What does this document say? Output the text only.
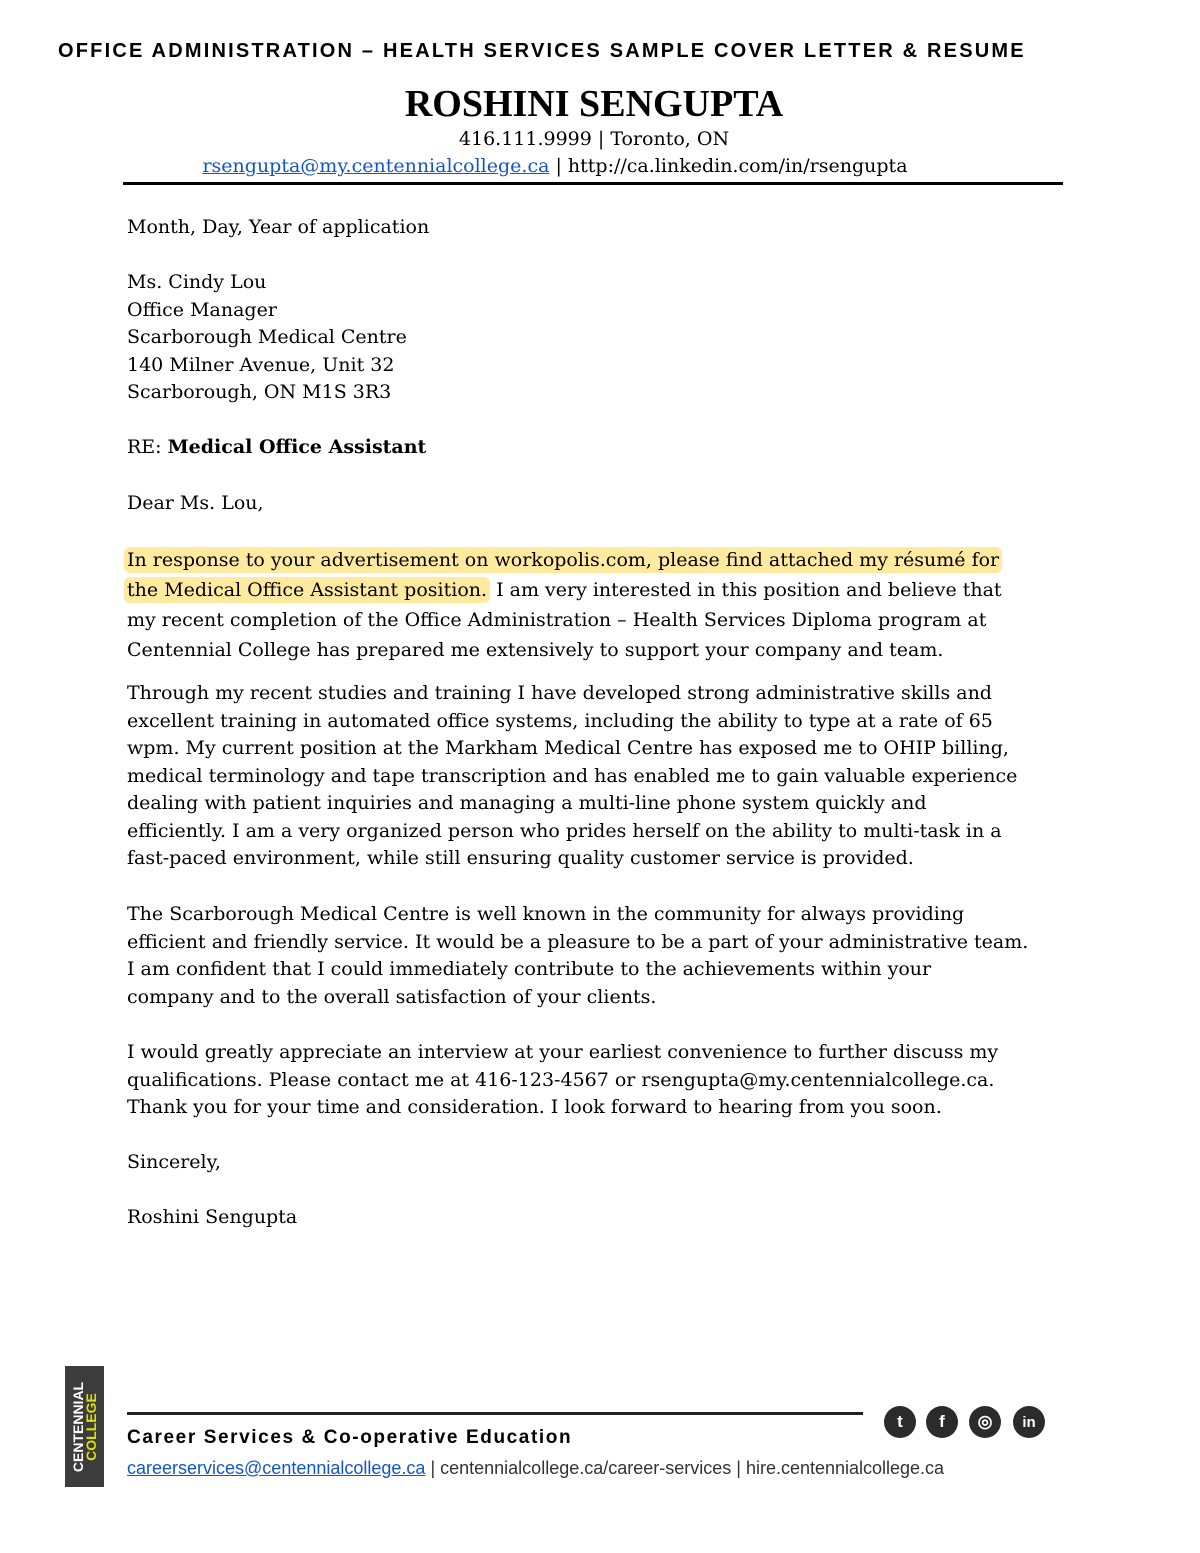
OFFICE ADMINISTRATION – HEALTH SERVICES SAMPLE COVER LETTER & RESUME
ROSHINI SENGUPTA
416.111.9999 | Toronto, ON
rsengupta@my.centennialcollege.ca | http://ca.linkedin.com/in/rsengupta
Month, Day, Year of application
Ms. Cindy Lou
Office Manager
Scarborough Medical Centre
140 Milner Avenue, Unit 32
Scarborough, ON M1S 3R3
RE: Medical Office Assistant
Dear Ms. Lou,
In response to your advertisement on workopolis.com, please find attached my résumé for
the Medical Office Assistant position. I am very interested in this position and believe that
my recent completion of the Office Administration – Health Services Diploma program at
Centennial College has prepared me extensively to support your company and team.
Through my recent studies and training I have developed strong administrative skills and
excellent training in automated office systems, including the ability to type at a rate of 65
wpm. My current position at the Markham Medical Centre has exposed me to OHIP billing,
medical terminology and tape transcription and has enabled me to gain valuable experience
dealing with patient inquiries and managing a multi-line phone system quickly and
efficiently. I am a very organized person who prides herself on the ability to multi-task in a
fast-paced environment, while still ensuring quality customer service is provided.
The Scarborough Medical Centre is well known in the community for always providing
efficient and friendly service. It would be a pleasure to be a part of your administrative team.
I am confident that I could immediately contribute to the achievements within your
company and to the overall satisfaction of your clients.
I would greatly appreciate an interview at your earliest convenience to further discuss my
qualifications. Please contact me at 416-123-4567 or rsengupta@my.centennialcollege.ca.
Thank you for your time and consideration. I look forward to hearing from you soon.
Sincerely,
Roshini Sengupta
CENTENNIAL
COLLEGE	t	f	◎	in
Career Services & Co-operative Education
careerservices@centennialcollege.ca | centennialcollege.ca/career-services | hire.centennialcollege.ca
